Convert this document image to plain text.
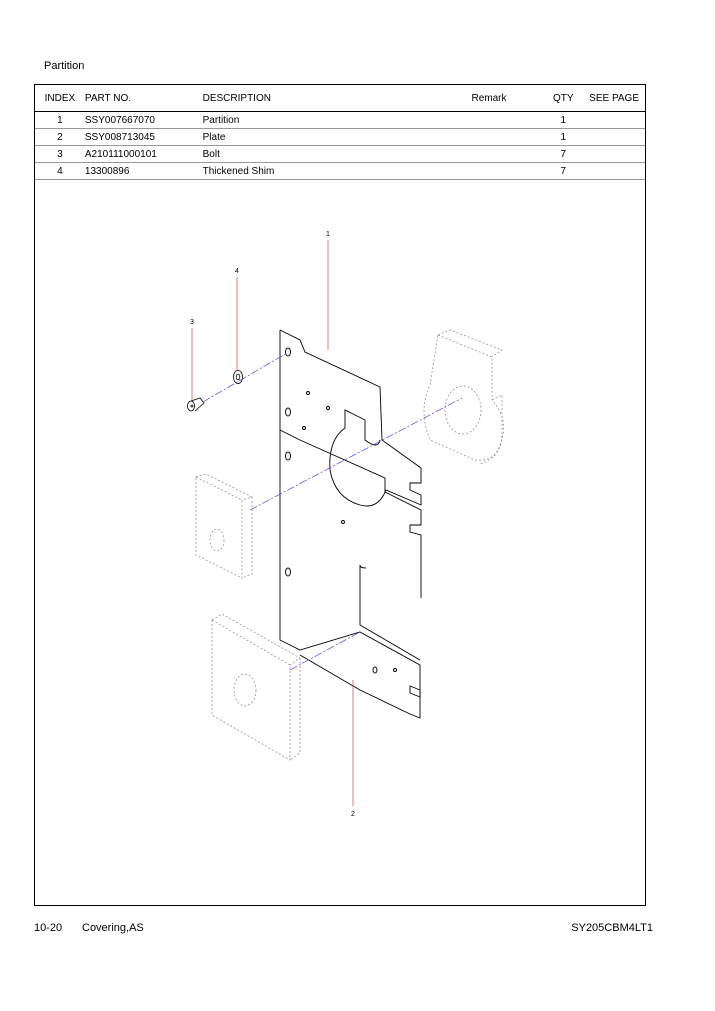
Partition
INDEX	PART NO.	DESCRIPTION	Remark	QTY	SEE PAGE
1	SSY007667070	Partition		1	
2	SSY008713045	Plate		1	
3	A210111000101	Bolt		7	
4	13300896	Thickened Shim		7	
1
4
3
2
10-20 Covering,AS	SY205CBM4LT1
